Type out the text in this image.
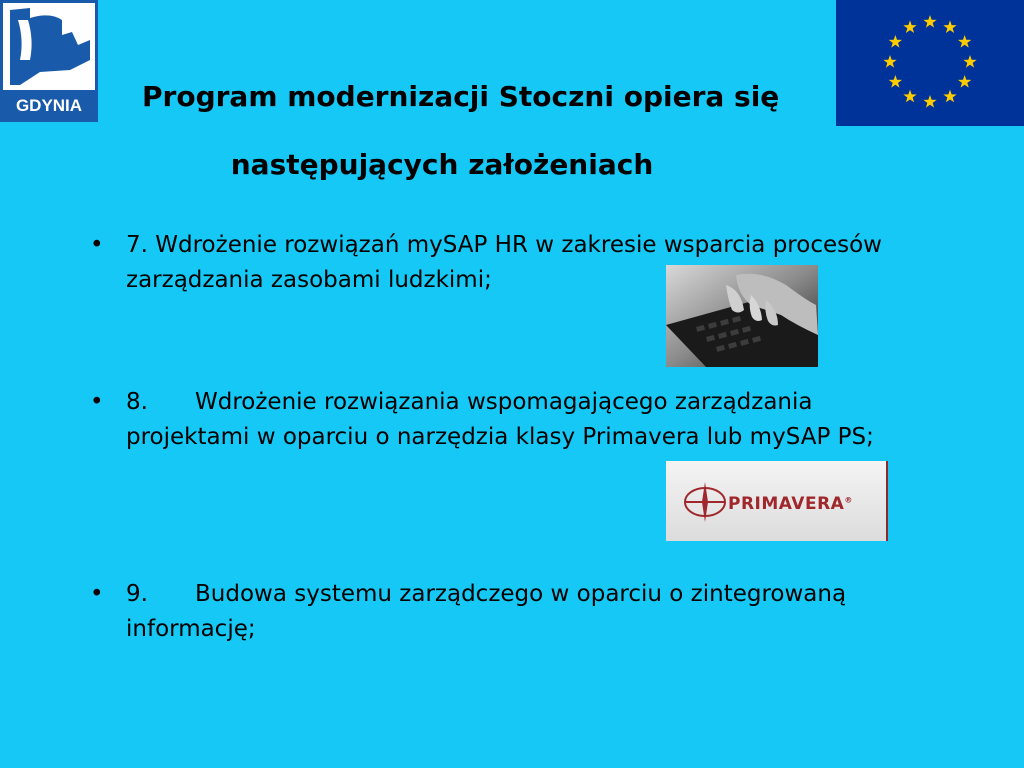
GDYNIA Program modernizacji Stoczni opiera się
następujących założeniach
• 7. Wdrożenie rozwiązań mySAP HR w zakresie wsparcia procesów zarządzania zasobami ludzkimi;
• 8. Wdrożenie rozwiązania wspomagającego zarządzania projektami w oparciu o narzędzia klasy Primavera lub mySAP PS;
PRIMAVERA®
• 9. Budowa systemu zarządczego w oparciu o zintegrowaną informację;
